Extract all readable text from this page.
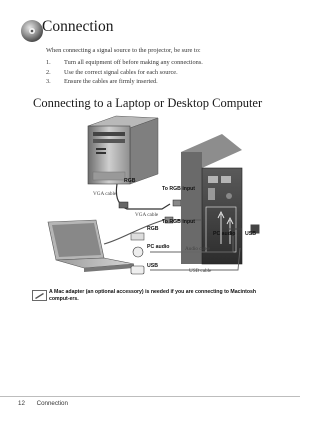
Connection
When connecting a signal source to the projector, be sure to:
1.	Turn all equipment off before making any connections.
2.	Use the correct signal cables for each source.
3.	Ensure the cables are firmly inserted.
Connecting to a Laptop or Desktop Computer
RGB
VGA cable
To RGB input
VGA cable
To RGB input
RGB
PC audio USB
PC audio	Audio cable
USB
USB cable
A Mac adapter (an optional accessory) is needed if you are connecting to Macintosh comput-ers.
12 Connection
